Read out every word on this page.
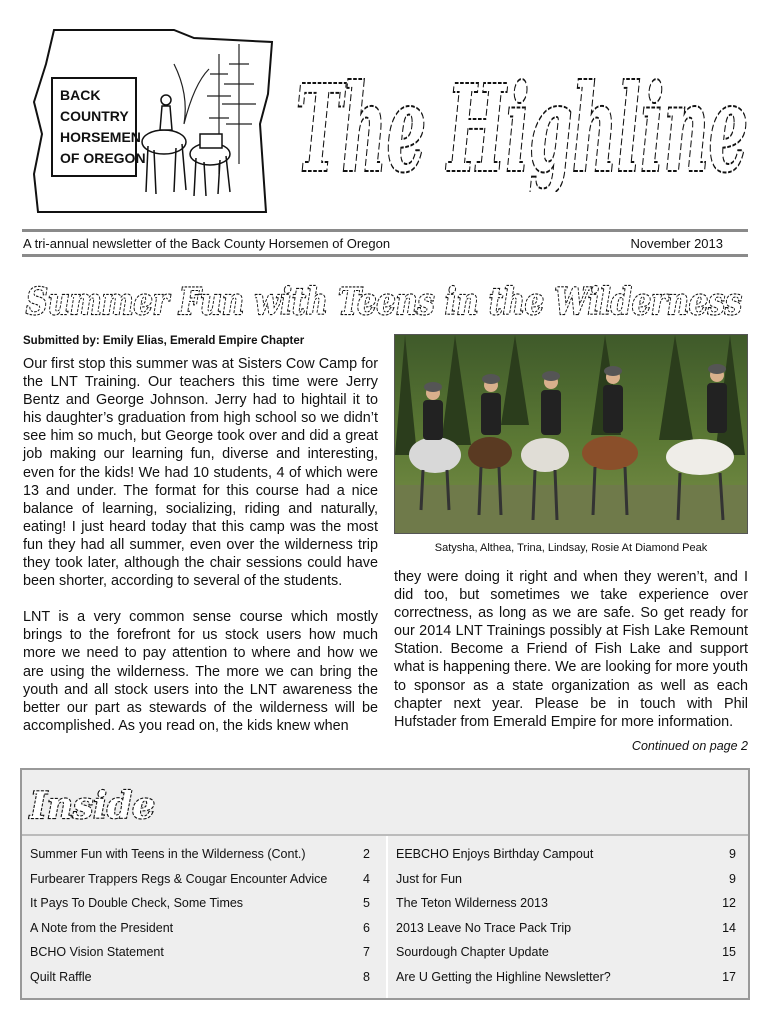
BACK
COUNTRY
HORSEMEN
OF OREGON The Highline
A tri-annual newsletter of the Back County Horsemen of Oregon	November 2013
Summer Fun with Teens in the Wilderness
Submitted by: Emily Elias, Emerald Empire Chapter

Our first stop this summer was at Sisters Cow Camp for the LNT Training. Our teachers this time were Jerry Bentz and George Johnson. Jerry had to hightail it to his daughter’s graduation from high school so we didn’t see him so much, but George took over and did a great job making our learning fun, diverse and interesting, even for the kids! We had 10 students, 4 of which were 13 and under. The format for this course had a nice balance of learning, socializing, riding and naturally, eating! I just heard today that this camp was the most fun they had all summer, even over the wilderness trip they took later, although the chair sessions could have been shorter, according to several of the students.

LNT is a very common sense course which mostly brings to the forefront for us stock users how much more we need to pay attention to where and how we are using the wilderness. The more we can bring the youth and all stock users into the LNT awareness the better our part as stewards of the wilderness will be accomplished. As you read on, the kids knew when

Satysha, Althea, Trina, Lindsay, Rosie At Diamond Peak

they were doing it right and when they weren’t, and I did too, but sometimes we take experience over correctness, as long as we are safe. So get ready for our 2014 LNT Trainings possibly at Fish Lake Remount Station. Become a Friend of Fish Lake and support what is happening there. We are looking for more youth to sponsor as a state organization as well as each chapter next year. Please be in touch with Phil Hufstader from Emerald Empire for more information.

Continued on page 2
Inside
Summer Fun with Teens in the Wilderness (Cont.)	2
Furbearer Trappers Regs & Cougar Encounter Advice	4
It Pays To Double Check, Some Times	5
A Note from the President	6
BCHO Vision Statement	7
Quilt Raffle	8
EEBCHO Enjoys Birthday Campout	9
Just for Fun	9
The Teton Wilderness 2013	12
2013 Leave No Trace Pack Trip	14
Sourdough Chapter Update	15
Are U Getting the Highline Newsletter?	17
